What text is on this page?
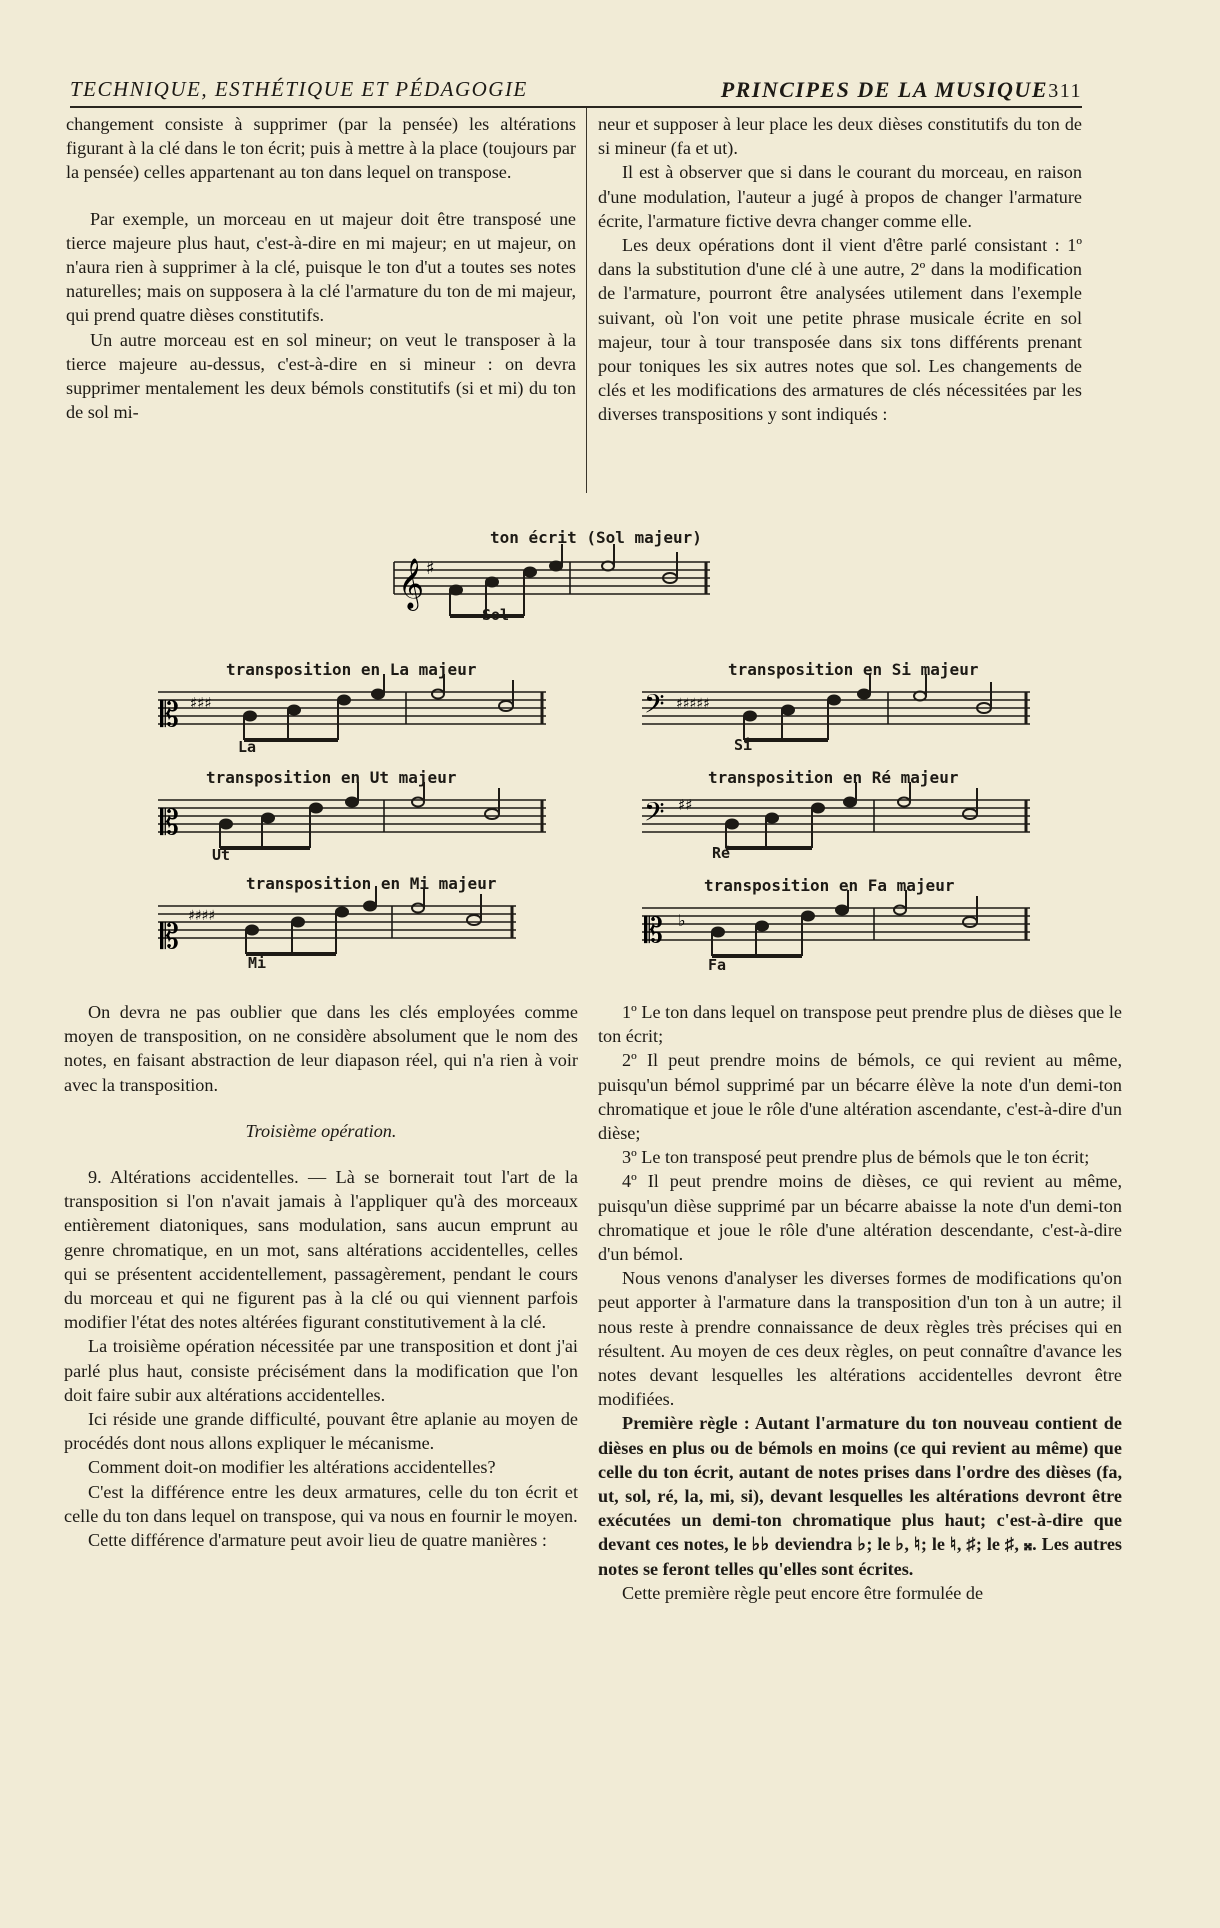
TECHNIQUE, ESTHÉTIQUE ET PÉDAGOGIE	PRINCIPES DE LA MUSIQUE 311

changement consiste à supprimer (par la pensée) les altérations figurant à la clé dans le ton écrit; puis à mettre à la place (toujours par la pensée) celles appartenant au ton dans lequel on transpose.

Par exemple, un morceau en ut majeur doit être transposé une tierce majeure plus haut, c'est-à-dire en mi majeur; en ut majeur, on n'aura rien à supprimer à la clé, puisque le ton d'ut a toutes ses notes naturelles; mais on supposera à la clé l'armature du ton de mi majeur, qui prend quatre dièses constitutifs.

Un autre morceau est en sol mineur; on veut le transposer à la tierce majeure au-dessus, c'est-à-dire en si mineur : on devra supprimer mentalement les deux bémols constitutifs (si et mi) du ton de sol mi-

neur et supposer à leur place les deux dièses constitutifs du ton de si mineur (fa et ut).

Il est à observer que si dans le courant du morceau, en raison d'une modulation, l'auteur a jugé à propos de changer l'armature écrite, l'armature fictive devra changer comme elle.

Les deux opérations dont il vient d'être parlé consistant : 1º dans la substitution d'une clé à une autre, 2º dans la modification de l'armature, pourront être analysées utilement dans l'exemple suivant, où l'on voit une petite phrase musicale écrite en sol majeur, tour à tour transposée dans six tons différents prenant pour toniques les six autres notes que sol. Les changements de clés et les modifications des armatures de clés nécessitées par les diverses transpositions y sont indiqués :

ton écrit (Sol majeur)
𝄞 ♯
Sol
transposition en La majeur
𝄡 ♯♯♯
La
transposition en Si majeur
𝄢 ♯♯♯♯♯
Si
transposition en Ut majeur
𝄡
Ut
transposition en Ré majeur
𝄢 ♯♯
Ré
transposition en Mi majeur
𝄡
♯♯♯♯
Mi
transposition en Fa majeur
𝄡 ♭
Fa

On devra ne pas oublier que dans les clés employées comme moyen de transposition, on ne considère absolument que le nom des notes, en faisant abstraction de leur diapason réel, qui n'a rien à voir avec la transposition.

Troisième opération.

9. Altérations accidentelles. — Là se bornerait tout l'art de la transposition si l'on n'avait jamais à l'appliquer qu'à des morceaux entièrement diatoniques, sans modulation, sans aucun emprunt au genre chromatique, en un mot, sans altérations accidentelles, celles qui se présentent accidentellement, passagèrement, pendant le cours du morceau et qui ne figurent pas à la clé ou qui viennent parfois modifier l'état des notes altérées figurant constitutivement à la clé.

La troisième opération nécessitée par une transposition et dont j'ai parlé plus haut, consiste précisément dans la modification que l'on doit faire subir aux altérations accidentelles.

Ici réside une grande difficulté, pouvant être aplanie au moyen de procédés dont nous allons expliquer le mécanisme.

Comment doit-on modifier les altérations accidentelles?

C'est la différence entre les deux armatures, celle du ton écrit et celle du ton dans lequel on transpose, qui va nous en fournir le moyen.

Cette différence d'armature peut avoir lieu de quatre manières :

1º Le ton dans lequel on transpose peut prendre plus de dièses que le ton écrit;

2º Il peut prendre moins de bémols, ce qui revient au même, puisqu'un bémol supprimé par un bécarre élève la note d'un demi-ton chromatique et joue le rôle d'une altération ascendante, c'est-à-dire d'un dièse;

3º Le ton transposé peut prendre plus de bémols que le ton écrit;

4º Il peut prendre moins de dièses, ce qui revient au même, puisqu'un dièse supprimé par un bécarre abaisse la note d'un demi-ton chromatique et joue le rôle d'une altération descendante, c'est-à-dire d'un bémol.

Nous venons d'analyser les diverses formes de modifications qu'on peut apporter à l'armature dans la transposition d'un ton à un autre; il nous reste à prendre connaissance de deux règles très précises qui en résultent. Au moyen de ces deux règles, on peut connaître d'avance les notes devant lesquelles les altérations accidentelles devront être modifiées.

Première règle : Autant l'armature du ton nouveau contient de dièses en plus ou de bémols en moins (ce qui revient au même) que celle du ton écrit, autant de notes prises dans l'ordre des dièses (fa, ut, sol, ré, la, mi, si), devant lesquelles les altérations devront être exécutées un demi-ton chromatique plus haut; c'est-à-dire que devant ces notes, le ♭♭ deviendra ♭; le ♭, ♮; le ♮, ♯; le ♯, 𝄪. Les autres notes se feront telles qu'elles sont écrites.

Cette première règle peut encore être formulée de
